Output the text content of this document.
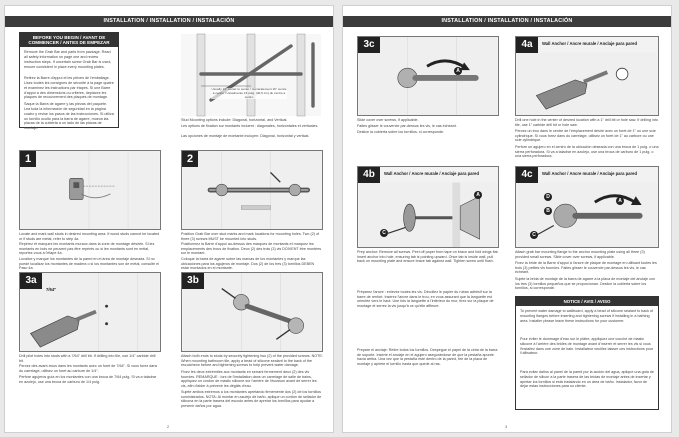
INSTALLATION / INSTALLATION / INSTALACIÓN
BEFORE YOU BEGIN / AVANT DE COMMENCER / ANTES DE EMPEZAR
Remove the Grab Bar and parts from package. Read all safety information on page one and review instruction steps. If uncertain screw Grab Bar is used, ensure consistent in place every mounting plates.
Retirez la Barre d'appui et les pièces de l'emballage. Lisez toutes les consignes de sécurité à la page quatre et examinez les instructions par étapes. Si une Barre d'appui a des dimensions ou criteres, deplacez les plaques de recouvrement des plaques de montage.
Saque la Barra de agarre y las piezas del paquete. Lea toda la información de seguridad en la página cuatro y revise los pasos de las instrucciones. Si utiliza un tornillo oculto para la barra de agarre, mueva las placas de la cubierta a un lado de las placas de montaje.
Usually 16" center to center / Généralement 16" centre à centre / Usualmente 16 pulg. (40,6 cm) de centro a centro
Stud Mounting options include: Diagonal, horizontal, and Vertical.
Les options de fixation sur montants incluent : diagonales, horizontales et verticales.
Las opciones de montaje de montante incluyen: Diagonal, horizontal y vertical.
1
Locate and mark wall studs in desired mounting area. If wood studs cannot be located or if studs are metal, refer to step 4a.
Repérez et marquez les montants muraux dans la zone de montage désirée. Si les montants en bois ne peuvent pas être repérés ou si les montants sont en métal, reportez-vous à l'étape 4a.
Localice y marque los montantes de la pared en el área de montaje deseada. Si no puede localizar los montantes de madera o si los montantes son de metal, consulte el Paso 4a.
2
Position Grab Bar over stud marks and mark locations for mounting holes. Two (2) of three (3) screws MUST be mounted into studs.
Positionnez la Barre d'appui au-dessus des marques de montants et marquez les emplacements des trous de fixation. Deux (2) des trois (3) vis DOIVENT être montées sur le montant.
Coloque la barra de agarre sobre las marcas de los montantes y marque las ubicaciones para los agujeros de montaje. Dos (2) de los tres (3) tornillos DEBEN estar montados en el montante.
3a
7/64"
Drill pilot holes into studs with a 7/64" drill bit. If drilling into tile, use 1/4" carbide drill bit.
Percez des avant-trous dans les montants avec un foret de 7/64". Si vous forez dans du carrelage, utilisez un foret au carbure de 1/4".
Perfore agujeros guía en los montantes con una broca de 7/64 pulg. Si va a taladrar en azulejo, use una broca de carburo de 1/4 pulg.
3b
Attach both ends to studs by securely tightening two (2) of the provided screws. NOTE: When mounting bathroom tile, apply a bead of silicone sealant to the back of the escutcheon before and tightening screws to help prevent water damage.
Fixez les deux extrémités aux montants en serrant fermement deux (2) des vis fournies. REMARQUE : lors de l'installation dans un carrelage de salle de bains, appliquez un cordon de mastic silicone sur l'arrière de l'écusson avant de serrer les vis, afin d'aider à prévenir les dégâts d'eau.
Sujete ambos extremos a los montantes apretando firmemente dos (2) de los tornillos suministrados. NOTA: Al montar en azulejo de baño, aplique un cordón de sellador de silicona en la parte trasera del escudo antes de apretar los tornillos para ayudar a prevenir daños por agua.
2
INSTALLATION / INSTALLATION / INSTALACIÓN
3c
A
Slide cover over screws, if applicable.
Faites glisser le couvercle par-dessus les vis, le cas échéant.
Deslice la cubierta sobre los tornillos, si corresponde.
4a	Wall Anchor / Ancre murale / Anclaje para pared
Drill one hole in the center of desired location with a 1" drill bit or hole saw. If drilling into tile, use 1" carbide drill bit or hole saw.
Percez un trou dans le centre de l'emplacement désiré avec un foret de 1" ou une scie cylindrique. Si vous forez dans du carrelage, utilisez un foret de 1" au carbure ou une scie cylindrique.
Perfore un agujero en el centro de la ubicación deseada con una broca de 1 pulg. o una sierra perforadora. Si va a taladrar en azulejo, use una broca de carburo de 1 pulg. o una sierra perforadora.
4b	Wall Anchor / Ancre murale / Anclaje para pared
A
C
Prep anchor: Remove all screws. Peel off paper from tape on brace and fold wings flat. Insert anchor into hole, ensuring tab is pointing upward. Once tab is inside wall, pull back on mounting plate and ensure brace tab against wall. Tighten screw until flush.
Préparez l'ancre : enlevez toutes les vis. Décollez le papier du ruban adhésif sur la barre de renfort. Insérez l'ancre dans le trou, en vous assurant que la languette est orientée vers le haut. Une fois la languette à l'intérieur du mur, tirez sur la plaque de montage et serrez la vis jusqu'à ce qu'elle affleure.
Prepare el anclaje: Retire todos los tornillos. Despegue el papel de la cinta de la barra de soporte. Inserte el anclaje en el agujero asegurándose de que la pestaña apunte hacia arriba. Una vez que la pestaña esté dentro de la pared, tire de la placa de montaje y apriete el tornillo hasta que quede al ras.
4c	Wall Anchor / Ancre murale / Anclaje para pared
D
B
A
C
Attach grab bar mounting flange to the anchor mounting plate using all three (3) provided small screws. Slide cover over screws, if applicable.
Fixez la bride de la Barre d'appui à l'ancre de plaque de montage en utilisant toutes les trois (3) petites vis fournies. Faites glisser le couvercle par-dessus les vis, le cas échéant.
Sujete la brida de montaje de la barra de agarre a la placa de montaje del anclaje con los tres (3) tornillos pequeños que se proporcionan. Deslice la cubierta sobre los tornillos, si corresponde.
NOTICE / AVIS / AVISO
To prevent water damage to wallboard, apply a bead of silicone sealant to back of mounting flanges before inserting and tightening screws if installing in a bathing area. Installer please leave these instructions for your customer.
Pour éviter le dommage d'eau sur le plâtre, appliquez une couche de mastic silicone à l'arrière des brides de montage avant d'insérer et serrer les vis si vous l'installez dans une zone de bain. Installateur veuillez laisser ces instructions pour l'utilisateur.
Para evitar daños al panel de la pared por la acción del agua, aplique una gota de sellador de silicón a la parte trasera de las bridas de montaje antes de insertar y apretar los tornillos si está instalando en un área de baño. Instalador, favor de dejar estas instrucciones para su cliente.
3
